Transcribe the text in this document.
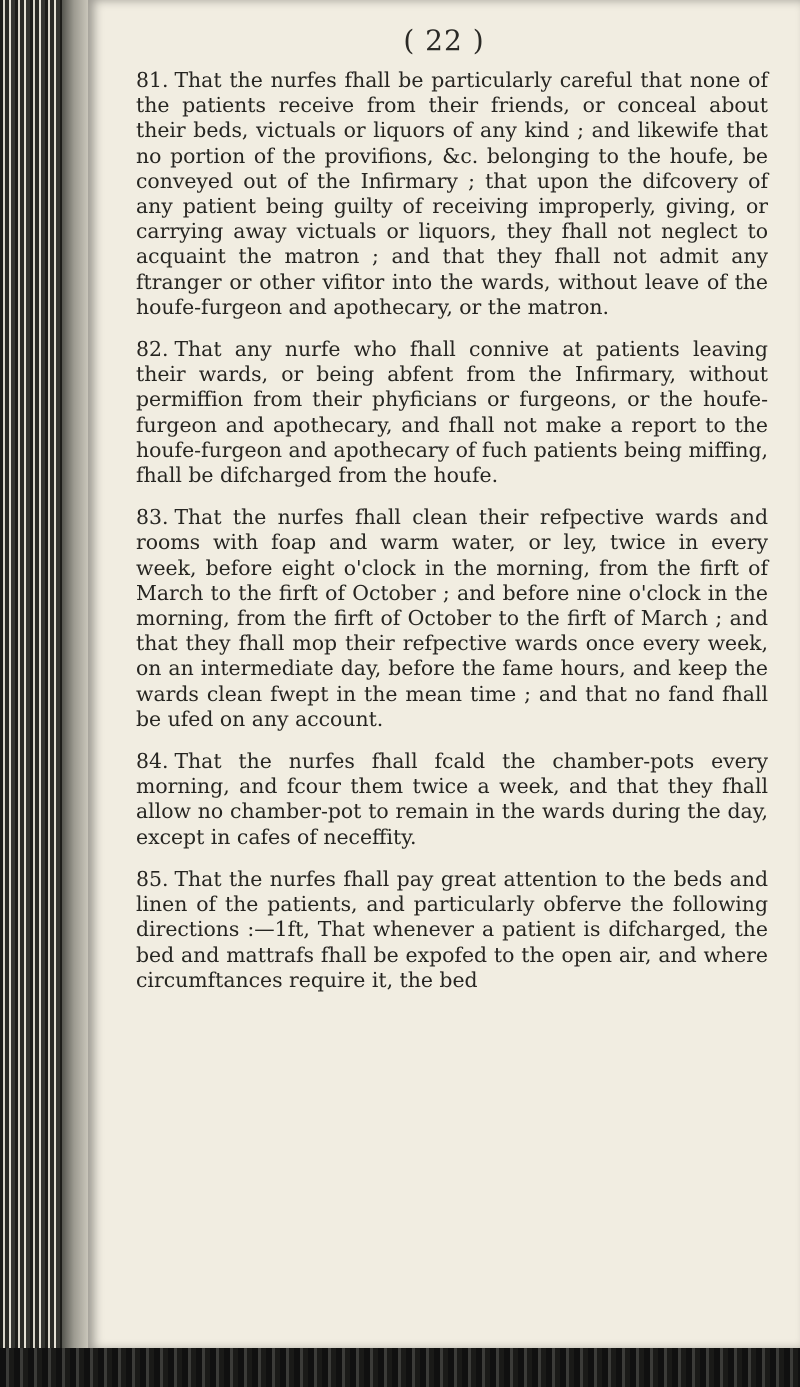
( 22 )

81. That the nurfes fhall be particularly careful that none of the patients receive from their friends, or conceal about their beds, victuals or liquors of any kind ; and likewife that no portion of the provifions, &c. belonging to the houfe, be conveyed out of the Infirmary ; that upon the difcovery of any patient being guilty of receiving improperly, giving, or carrying away victuals or liquors, they fhall not neglect to acquaint the matron ; and that they fhall not admit any ftranger or other vifitor into the wards, without leave of the houfe-furgeon and apothecary, or the matron.

82. That any nurfe who fhall connive at patients leaving their wards, or being abfent from the Infirmary, without permiffion from their phyficians or furgeons, or the houfe-furgeon and apothecary, and fhall not make a report to the houfe-furgeon and apothecary of fuch patients being miffing, fhall be difcharged from the houfe.

83. That the nurfes fhall clean their refpective wards and rooms with foap and warm water, or ley, twice in every week, before eight o'clock in the morning, from the firft of March to the firft of October ; and before nine o'clock in the morning, from the firft of October to the firft of March ; and that they fhall mop their refpective wards once every week, on an intermediate day, before the fame hours, and keep the wards clean fwept in the mean time ; and that no fand fhall be ufed on any account.

84. That the nurfes fhall fcald the chamber-pots every morning, and fcour them twice a week, and that they fhall allow no chamber-pot to remain in the wards during the day, except in cafes of neceffity.

85. That the nurfes fhall pay great attention to the beds and linen of the patients, and particularly obferve the following directions :—1ft, That whenever a patient is difcharged, the bed and mattrafs fhall be expofed to the open air, and where circumftances require it, the bed
